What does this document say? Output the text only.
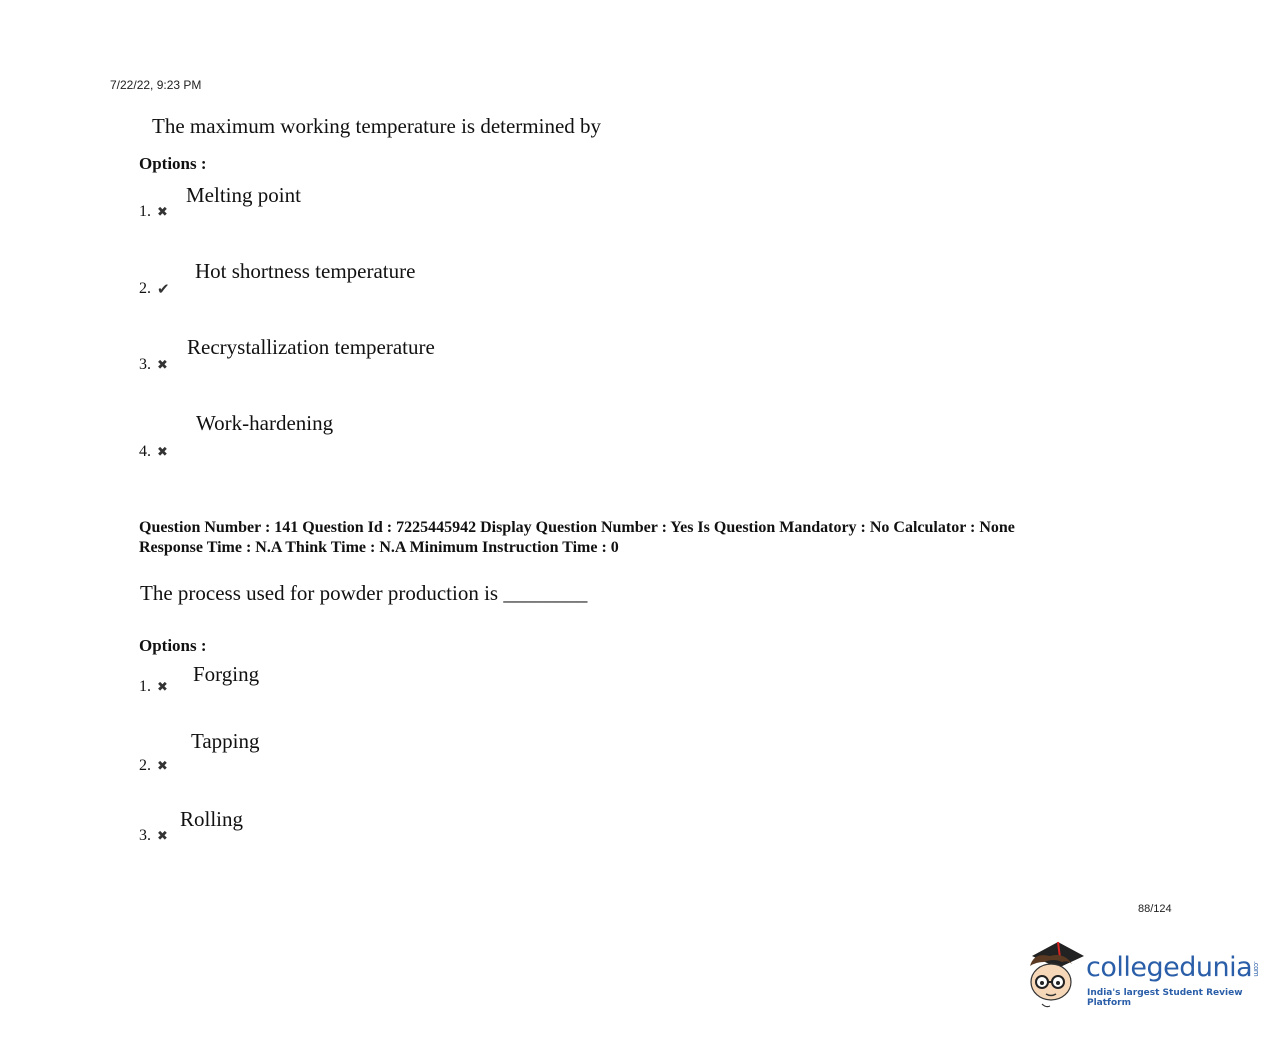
7/22/22, 9:23 PM
The maximum working temperature is determined by
Options :
1. ✖
Melting point
2. ✔
Hot shortness temperature
3. ✖
Recrystallization temperature
4. ✖
Work-hardening
Question Number : 141 Question Id : 7225445942 Display Question Number : Yes Is Question Mandatory : No Calculator : None
Response Time : N.A Think Time : N.A Minimum Instruction Time : 0
The process used for powder production is ________
Options :
1. ✖
Forging
2. ✖
Tapping
3. ✖
Rolling
88/124
collegedunia.com
India's largest Student Review Platform
